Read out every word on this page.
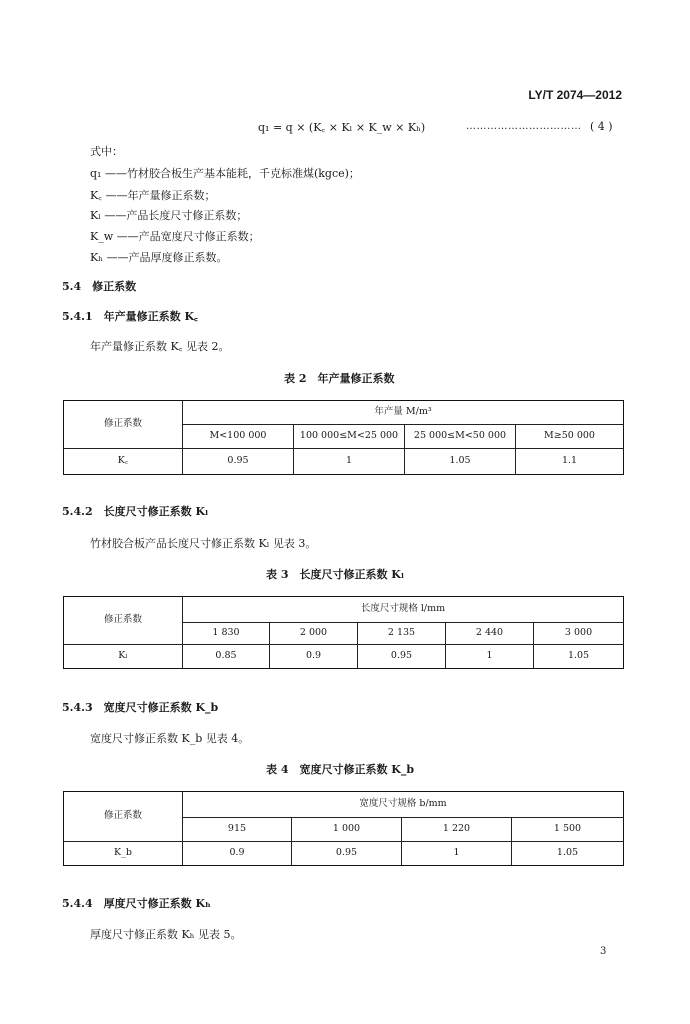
LY/T 2074—2012
q₁ = q × (K꜀ × Kₗ × K_w × Kₕ)	…………………………… ( 4 )
式中：
q₁ ——竹材胶合板生产基本能耗，千克标准煤(kgce)；
K꜀ ——年产量修正系数；
Kₗ ——产品长度尺寸修正系数；
K_w ——产品宽度尺寸修正系数；
Kₕ ——产品厚度修正系数。
5.4　修正系数
5.4.1　年产量修正系数 K꜀
年产量修正系数 K꜀ 见表 2。
表 2　年产量修正系数
修正系数	年产量 M/m³			
	M<100 000	100 000≤M<25 000	25 000≤M<50 000	M≥50 000
K꜀	0.95	1	1.05	1.1
5.4.2　长度尺寸修正系数 Kₗ
竹材胶合板产品长度尺寸修正系数 Kₗ 见表 3。
表 3　长度尺寸修正系数 Kₗ
修正系数	长度尺寸规格 l/mm				
	1 830	2 000	2 135	2 440	3 000
Kₗ	0.85	0.9	0.95	1	1.05
5.4.3　宽度尺寸修正系数 K_b
宽度尺寸修正系数 K_b 见表 4。
表 4　宽度尺寸修正系数 K_b
修正系数	宽度尺寸规格 b/mm			
	915	1 000	1 220	1 500
K_b	0.9	0.95	1	1.05
5.4.4　厚度尺寸修正系数 Kₕ
厚度尺寸修正系数 Kₕ 见表 5。
3
